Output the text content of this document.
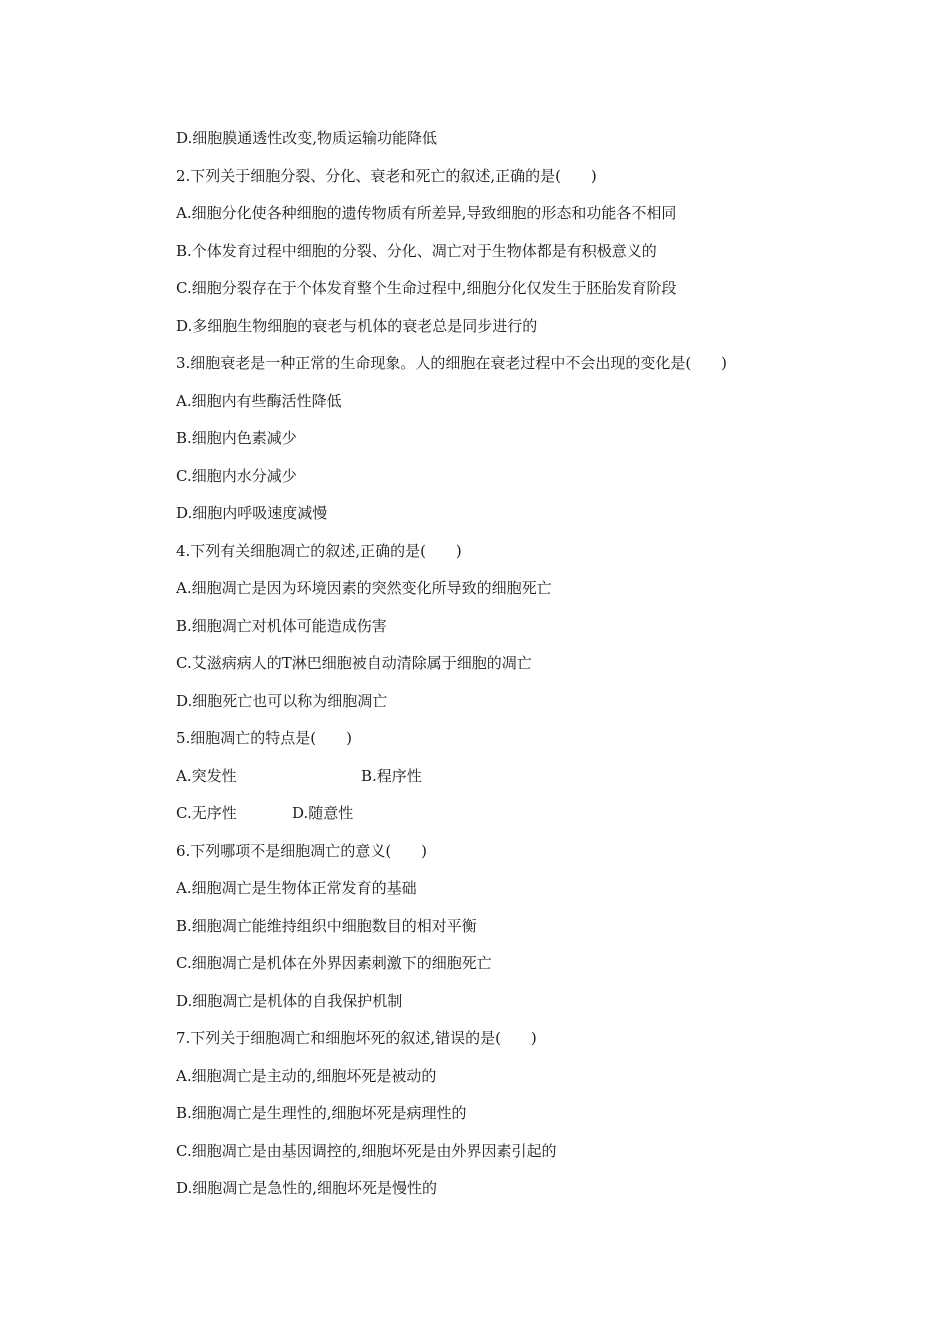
D.细胞膜通透性改变,物质运输功能降低
2.下列关于细胞分裂、分化、衰老和死亡的叙述,正确的是(　　)
A.细胞分化使各种细胞的遗传物质有所差异,导致细胞的形态和功能各不相同
B.个体发育过程中细胞的分裂、分化、凋亡对于生物体都是有积极意义的
C.细胞分裂存在于个体发育整个生命过程中,细胞分化仅发生于胚胎发育阶段
D.多细胞生物细胞的衰老与机体的衰老总是同步进行的
3.细胞衰老是一种正常的生命现象。人的细胞在衰老过程中不会出现的变化是(　　)
A.细胞内有些酶活性降低
B.细胞内色素减少
C.细胞内水分减少
D.细胞内呼吸速度减慢
4.下列有关细胞凋亡的叙述,正确的是(　　)
A.细胞凋亡是因为环境因素的突然变化所导致的细胞死亡
B.细胞凋亡对机体可能造成伤害
C.艾滋病病人的T淋巴细胞被自动清除属于细胞的凋亡
D.细胞死亡也可以称为细胞凋亡
5.细胞凋亡的特点是(　　)
A.突发性	B.程序性
C.无序性	D.随意性
6.下列哪项不是细胞凋亡的意义(　　)
A.细胞凋亡是生物体正常发育的基础
B.细胞凋亡能维持组织中细胞数目的相对平衡
C.细胞凋亡是机体在外界因素刺激下的细胞死亡
D.细胞凋亡是机体的自我保护机制
7.下列关于细胞凋亡和细胞坏死的叙述,错误的是(　　)
A.细胞凋亡是主动的,细胞坏死是被动的
B.细胞凋亡是生理性的,细胞坏死是病理性的
C.细胞凋亡是由基因调控的,细胞坏死是由外界因素引起的
D.细胞凋亡是急性的,细胞坏死是慢性的
